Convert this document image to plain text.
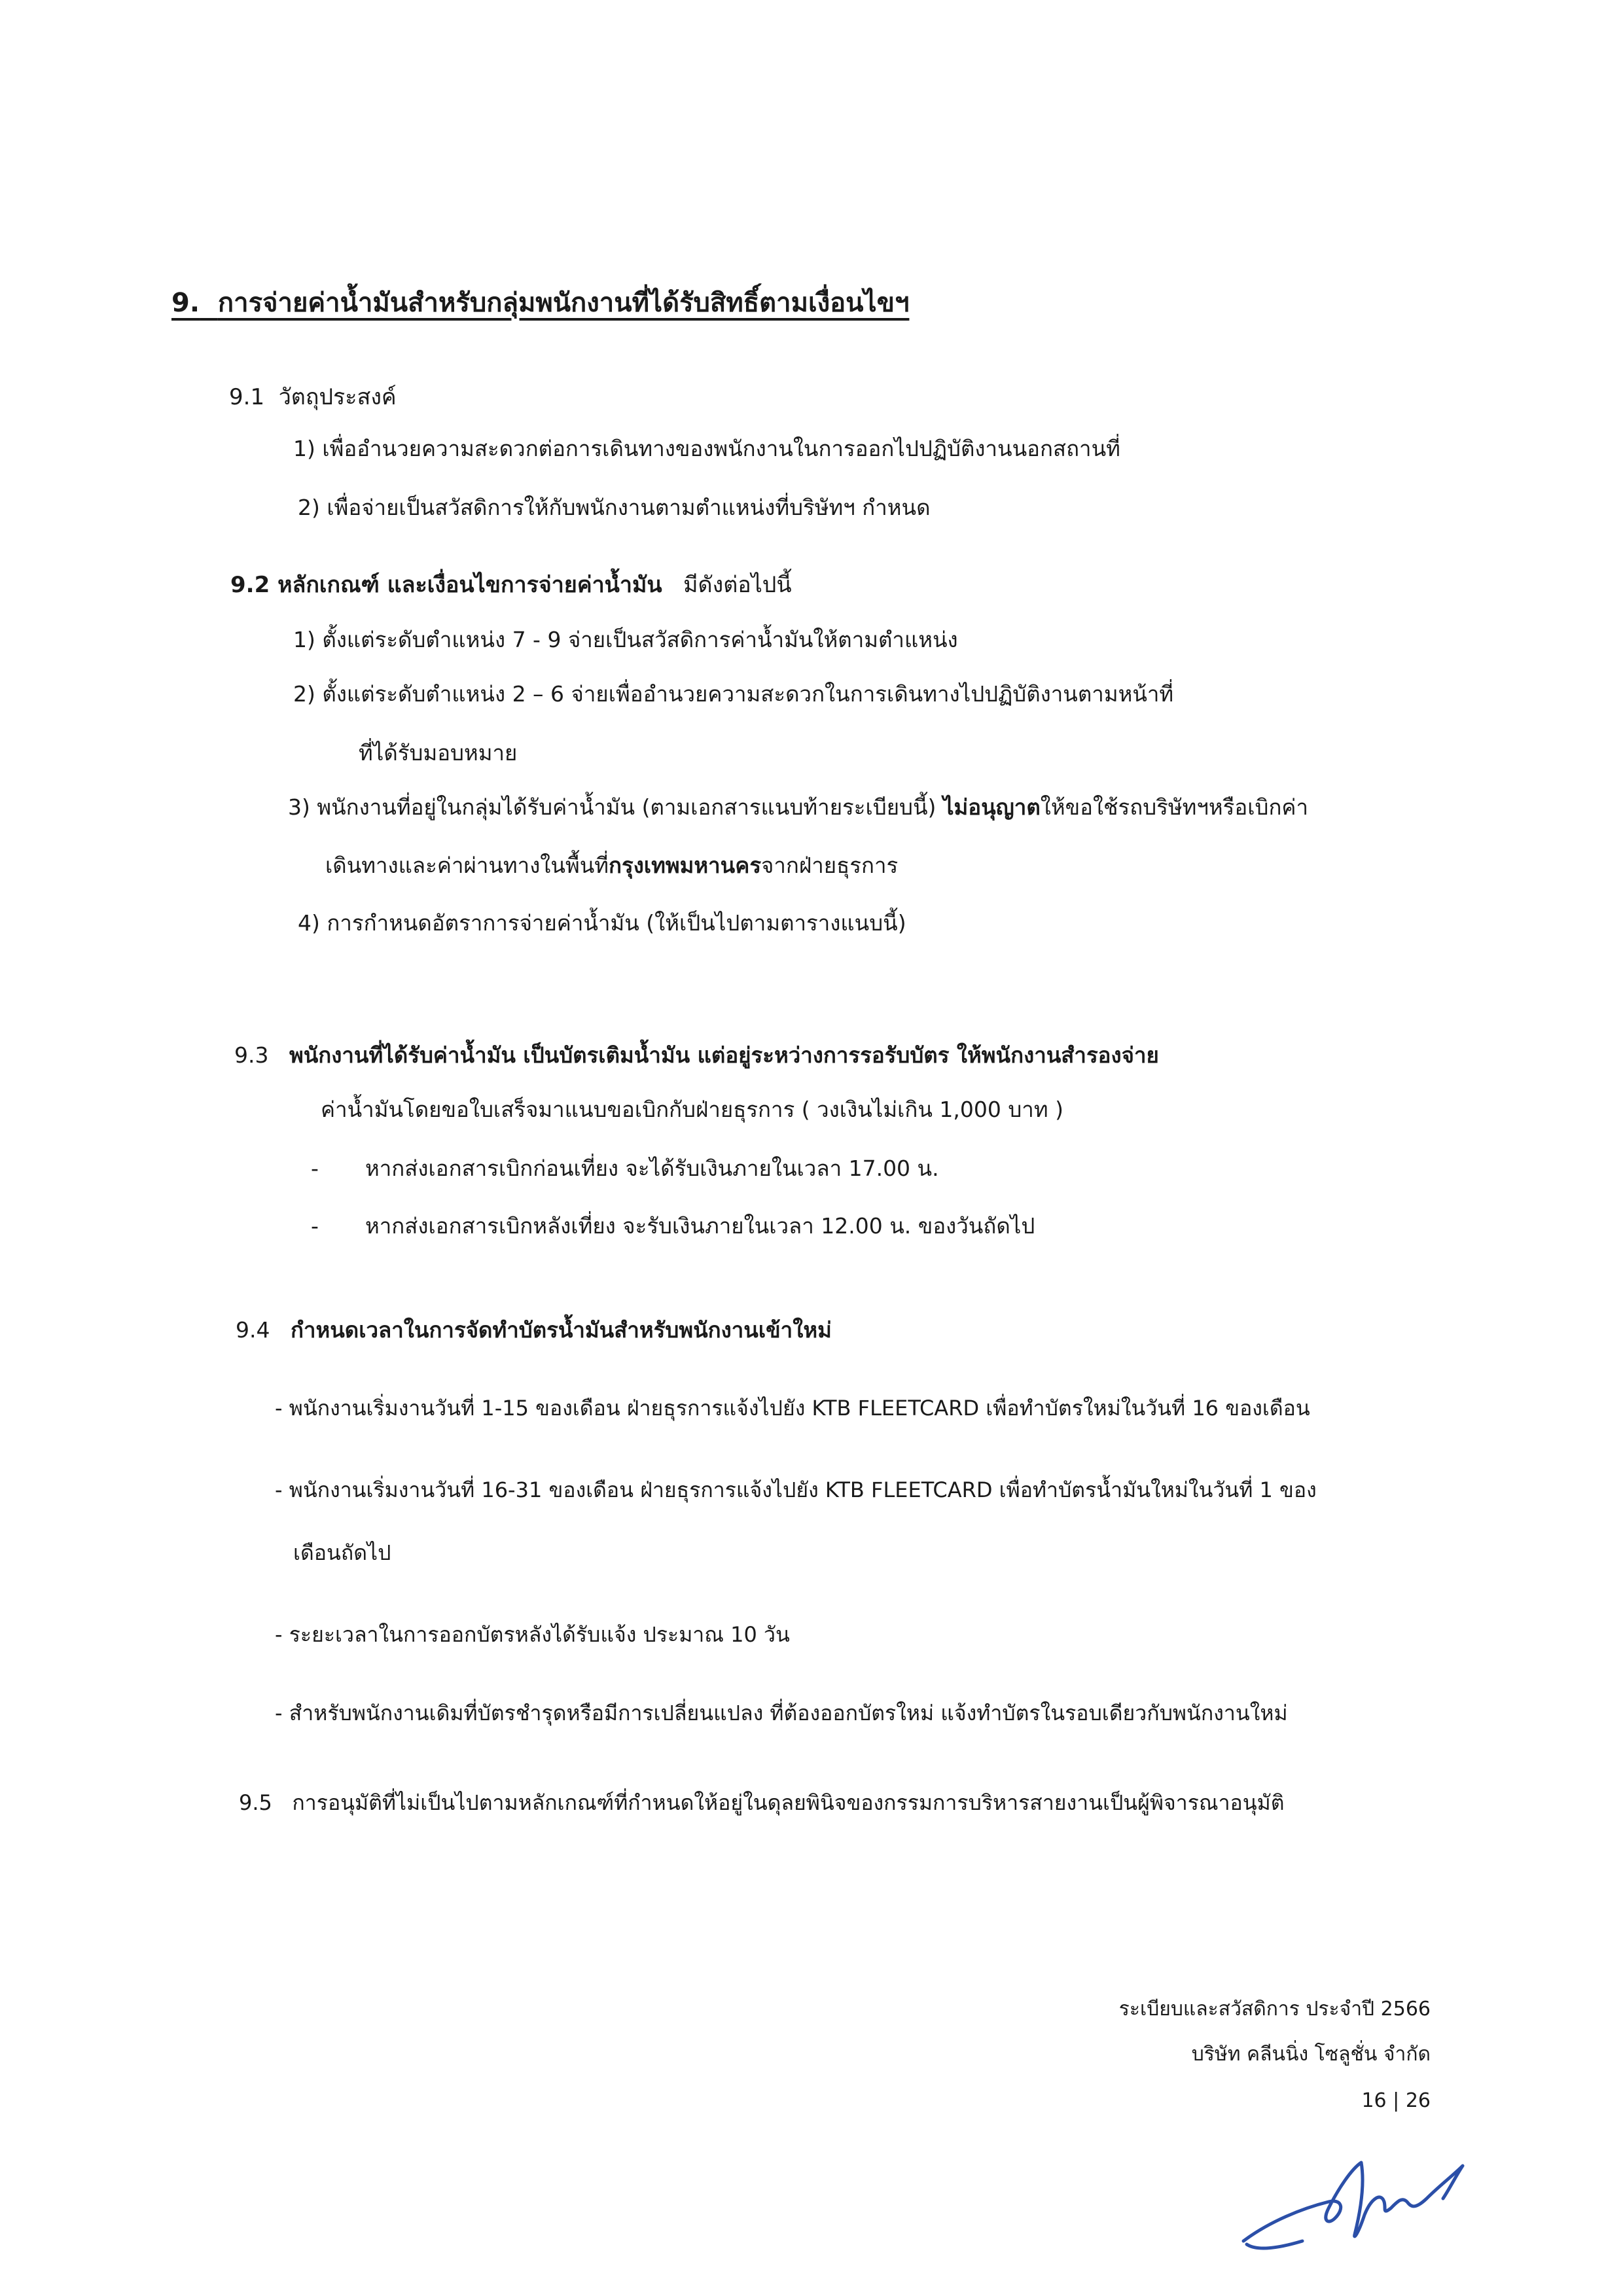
9. การจ่ายค่าน้ำมันสำหรับกลุ่มพนักงานที่ได้รับสิทธิ์ตามเงื่อนไขฯ
9.1 วัตถุประสงค์
1) เพื่ออำนวยความสะดวกต่อการเดินทางของพนักงานในการออกไปปฏิบัติงานนอกสถานที่
2) เพื่อจ่ายเป็นสวัสดิการให้กับพนักงานตามตำแหน่งที่บริษัทฯ กำหนด
9.2 หลักเกณฑ์ และเงื่อนไขการจ่ายค่าน้ำมัน มีดังต่อไปนี้
1) ตั้งแต่ระดับตำแหน่ง 7 - 9 จ่ายเป็นสวัสดิการค่าน้ำมันให้ตามตำแหน่ง
2) ตั้งแต่ระดับตำแหน่ง 2 – 6 จ่ายเพื่ออำนวยความสะดวกในการเดินทางไปปฏิบัติงานตามหน้าที่
ที่ได้รับมอบหมาย
3) พนักงานที่อยู่ในกลุ่มได้รับค่าน้ำมัน (ตามเอกสารแนบท้ายระเบียบนี้) ไม่อนุญาตให้ขอใช้รถบริษัทฯหรือเบิกค่า
เดินทางและค่าผ่านทางในพื้นที่กรุงเทพมหานครจากฝ่ายธุรการ
4) การกำหนดอัตราการจ่ายค่าน้ำมัน (ให้เป็นไปตามตารางแนบนี้)
9.3 พนักงานที่ได้รับค่าน้ำมัน เป็นบัตรเติมน้ำมัน แต่อยู่ระหว่างการรอรับบัตร ให้พนักงานสำรองจ่าย
ค่าน้ำมันโดยขอใบเสร็จมาแนบขอเบิกกับฝ่ายธุรการ ( วงเงินไม่เกิน 1,000 บาท )
- หากส่งเอกสารเบิกก่อนเที่ยง จะได้รับเงินภายในเวลา 17.00 น.
- หากส่งเอกสารเบิกหลังเที่ยง จะรับเงินภายในเวลา 12.00 น. ของวันถัดไป
9.4 กำหนดเวลาในการจัดทำบัตรน้ำมันสำหรับพนักงานเข้าใหม่
- พนักงานเริ่มงานวันที่ 1-15 ของเดือน ฝ่ายธุรการแจ้งไปยัง KTB FLEETCARD เพื่อทำบัตรใหม่ในวันที่ 16 ของเดือน
- พนักงานเริ่มงานวันที่ 16-31 ของเดือน ฝ่ายธุรการแจ้งไปยัง KTB FLEETCARD เพื่อทำบัตรน้ำมันใหม่ในวันที่ 1 ของ
เดือนถัดไป
- ระยะเวลาในการออกบัตรหลังได้รับแจ้ง ประมาณ 10 วัน
- สำหรับพนักงานเดิมที่บัตรชำรุดหรือมีการเปลี่ยนแปลง ที่ต้องออกบัตรใหม่ แจ้งทำบัตรในรอบเดียวกับพนักงานใหม่
9.5 การอนุมัติที่ไม่เป็นไปตามหลักเกณฑ์ที่กำหนดให้อยู่ในดุลยพินิจของกรรมการบริหารสายงานเป็นผู้พิจารณาอนุมัติ
ระเบียบและสวัสดิการ ประจำปี 2566
บริษัท คลีนนิ่ง โซลูชั่น จำกัด
16 | 26
